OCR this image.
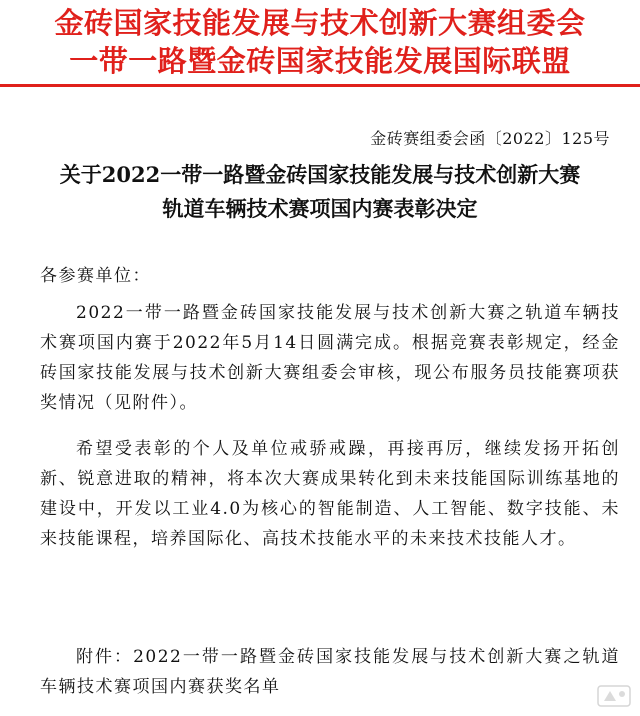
金砖国家技能发展与技术创新大赛组委会
一带一路暨金砖国家技能发展国际联盟
金砖赛组委会函〔2022〕125号
关于2022一带一路暨金砖国家技能发展与技术创新大赛
轨道车辆技术赛项国内赛表彰决定
各参赛单位：
2022一带一路暨金砖国家技能发展与技术创新大赛之轨道车辆技术赛项国内赛于2022年5月14日圆满完成。根据竞赛表彰规定，经金砖国家技能发展与技术创新大赛组委会审核，现公布服务员技能赛项获奖情况（见附件）。
希望受表彰的个人及单位戒骄戒躁，再接再厉，继续发扬开拓创新、锐意进取的精神，将本次大赛成果转化到未来技能国际训练基地的建设中，开发以工业4.0为核心的智能制造、人工智能、数字技能、未来技能课程，培养国际化、高技术技能水平的未来技术技能人才。
附件：2022一带一路暨金砖国家技能发展与技术创新大赛之轨道车辆技术赛项国内赛获奖名单
